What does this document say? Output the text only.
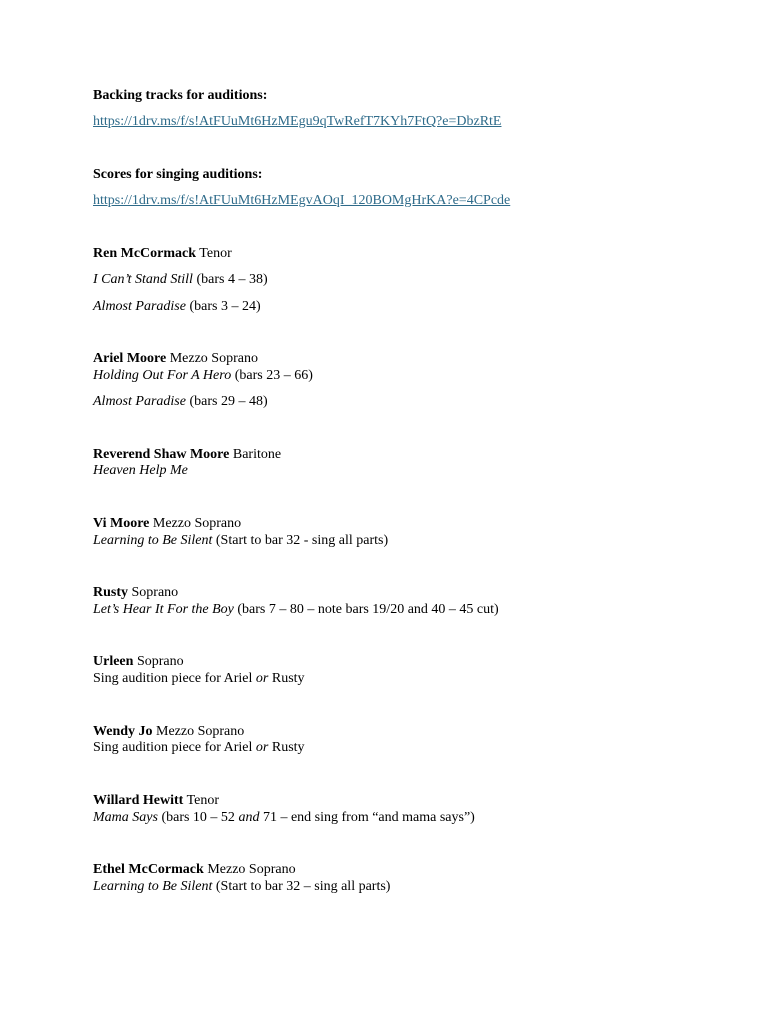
Backing tracks for auditions:
https://1drv.ms/f/s!AtFUuMt6HzMEgu9qTwRefT7KYh7FtQ?e=DbzRtE
Scores for singing auditions:
https://1drv.ms/f/s!AtFUuMt6HzMEgvAOqI_120BOMgHrKA?e=4CPcde
Ren McCormack Tenor
I Can’t Stand Still (bars 4 – 38)
Almost Paradise (bars 3 – 24)
Ariel Moore Mezzo Soprano
Holding Out For A Hero (bars 23 – 66)
Almost Paradise (bars 29 – 48)
Reverend Shaw Moore Baritone
Heaven Help Me
Vi Moore Mezzo Soprano
Learning to Be Silent (Start to bar 32 - sing all parts)
Rusty Soprano
Let’s Hear It For the Boy (bars 7 – 80 – note bars 19/20 and 40 – 45 cut)
Urleen Soprano
Sing audition piece for Ariel or Rusty
Wendy Jo Mezzo Soprano
Sing audition piece for Ariel or Rusty
Willard Hewitt Tenor
Mama Says (bars 10 – 52 and 71 – end sing from “and mama says”)
Ethel McCormack Mezzo Soprano
Learning to Be Silent (Start to bar 32 – sing all parts)
